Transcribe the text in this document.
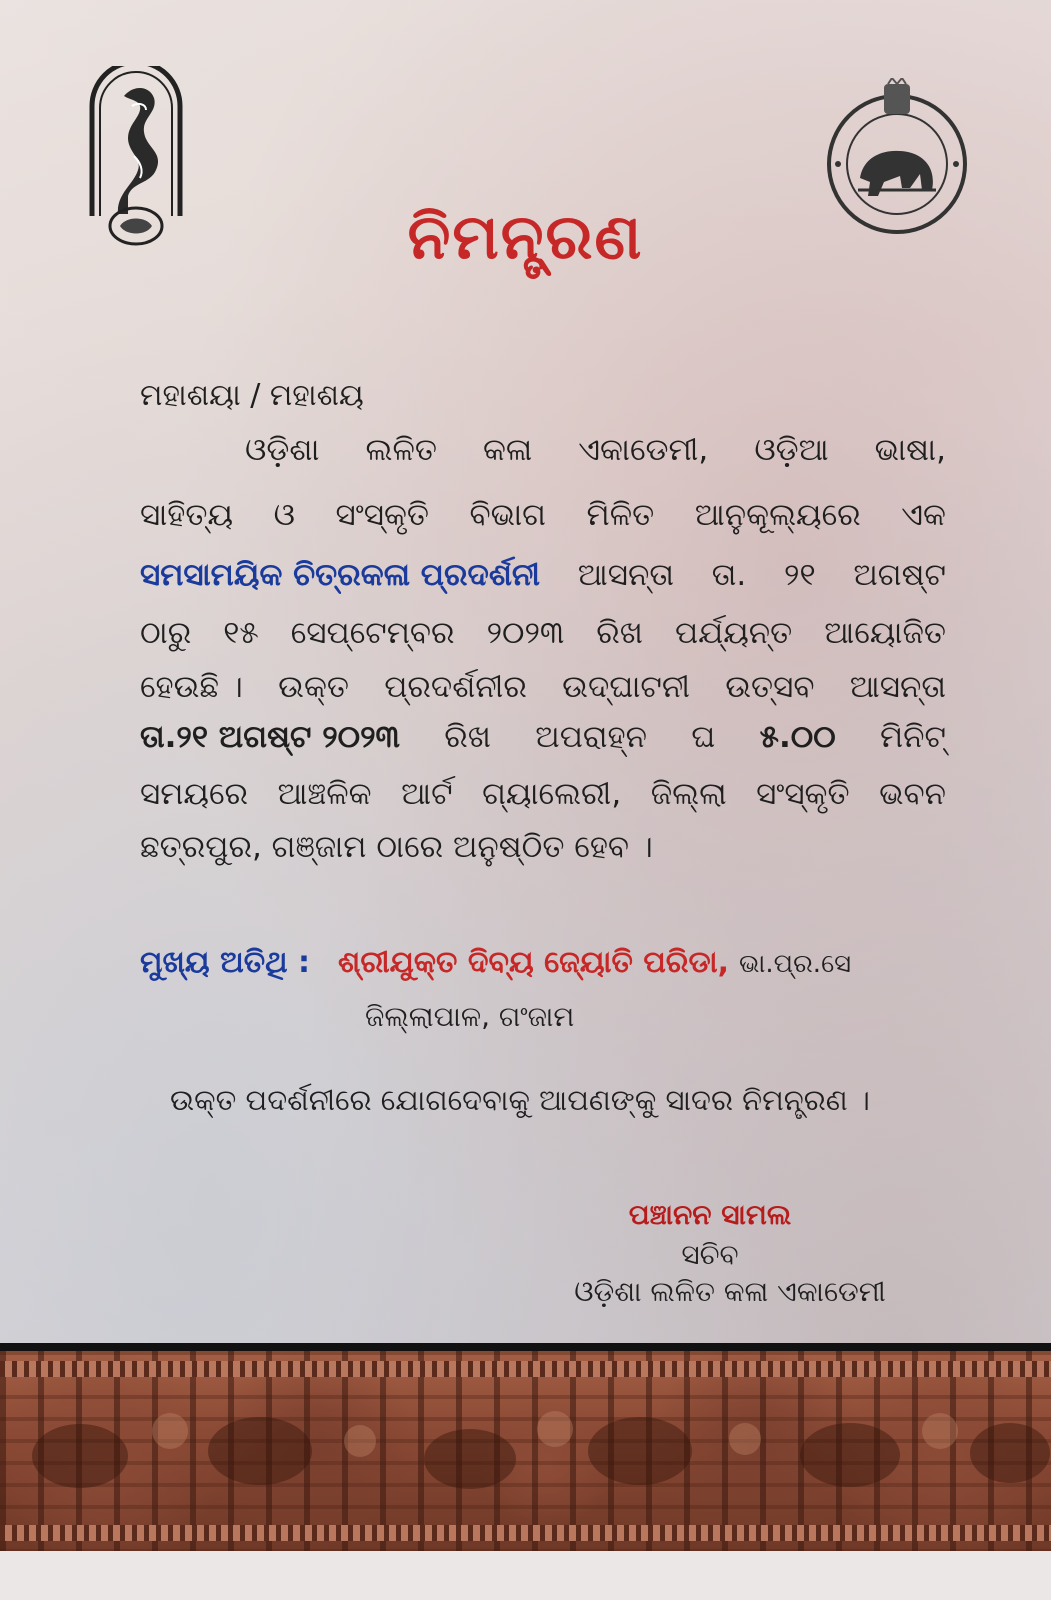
ନିମନ୍ତ୍ରଣ
ମହାଶୟା / ମହାଶୟ
ଓଡ଼ିଶା ଲଳିତ କଳା ଏକାଡେମୀ, ଓଡ଼ିଆ ଭାଷା,
ସାହିତ୍ୟ ଓ ସଂସ୍କୃତି ବିଭାଗ ମିଳିତ ଆନୁକୂଲ୍ୟରେ ଏକ
ସମସାମୟିକ ଚିତ୍ରକଳା ପ୍ରଦର୍ଶନୀ ଆସନ୍ତା ତା. ୨୧ ଅଗଷ୍ଟ
ଠାରୁ ୧୫ ସେପ୍ଟେମ୍ବର ୨୦୨୩ ରିଖ ପର୍ଯ୍ୟନ୍ତ ଆୟୋଜିତ
ହେଉଛି । ଉକ୍ତ ପ୍ରଦର୍ଶନୀର ଉଦ୍‌ଘାଟନୀ ଉତ୍ସବ ଆସନ୍ତା
ତା.୨୧ ଅଗଷ୍ଟ ୨୦୨୩ ରିଖ ଅପରାହ୍ନ ଘ ୫.୦୦ ମିନିଟ୍
ସମୟରେ ଆଞ୍ଚଳିକ ଆର୍ଟ ଗ୍ୟାଲେରୀ, ଜିଲ୍ଲା ସଂସ୍କୃତି ଭବନ
ଛତ୍ରପୁର, ଗଞ୍ଜାମ ଠାରେ ଅନୁଷ୍ଠିତ ହେବ ।
ମୁଖ୍ୟ ଅତିଥି : ଶ୍ରୀଯୁକ୍ତ ଦିବ୍ୟ ଜ୍ୟୋତି ପରିଡା, ଭା.ପ୍ର.ସେ
ଜିଲ୍ଲାପାଳ, ଗଂଜାମ
ଉକ୍ତ ପଦର୍ଶନୀରେ ଯୋଗଦେବାକୁ ଆପଣଙ୍କୁ ସାଦର ନିମନ୍ତ୍ରଣ ।
ପଞ୍ଚାନନ ସାମଲ
ସଚିବ
ଓଡ଼ିଶା ଲଳିତ କଳା ଏକାଡେମୀ
